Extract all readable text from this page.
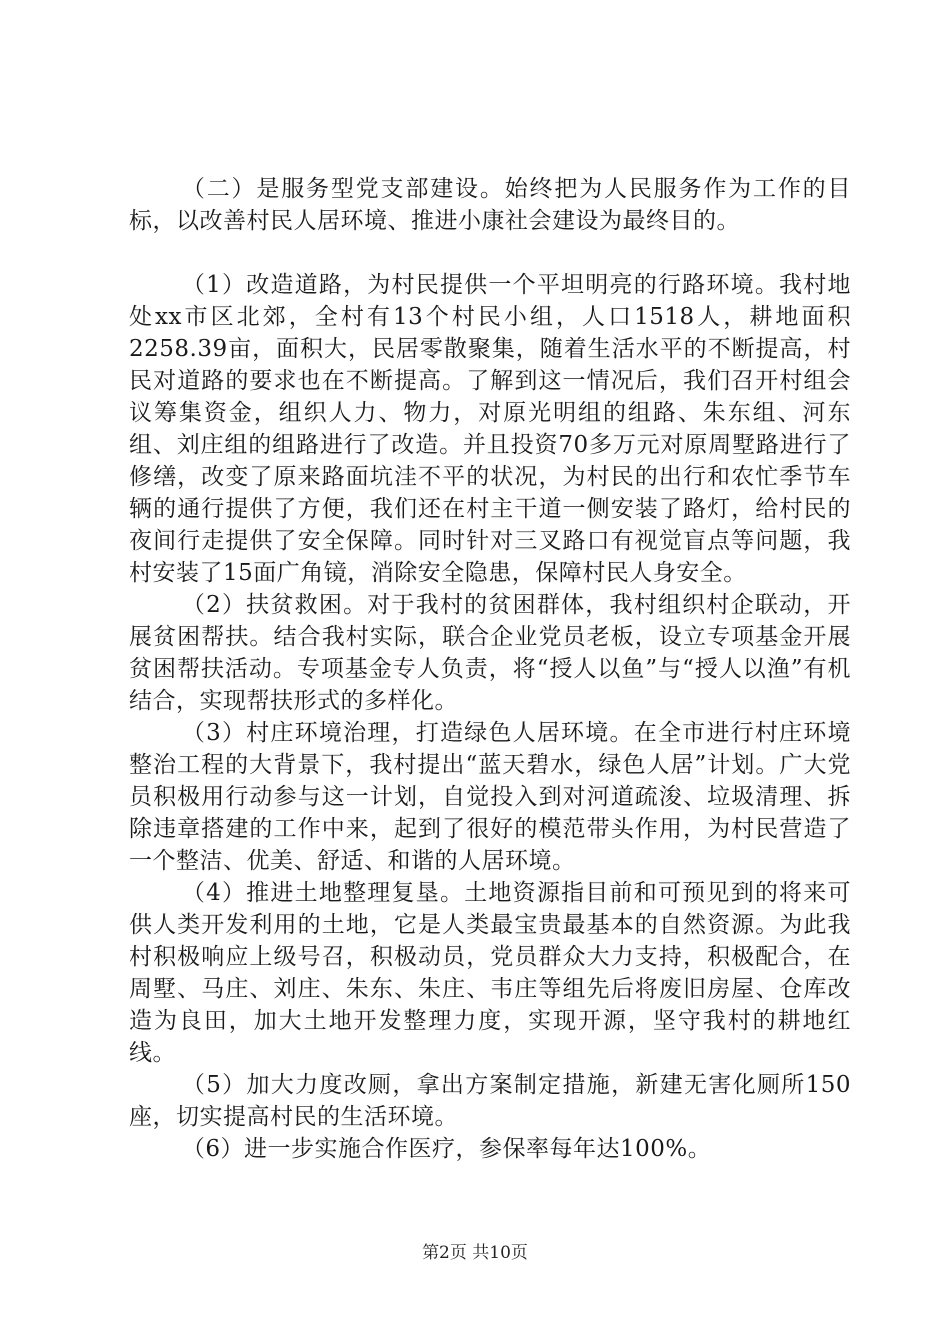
（二）是服务型党支部建设。始终把为人民服务作为工作的目标，以改善村民人居环境、推进小康社会建设为最终目的。

（1）改造道路，为村民提供一个平坦明亮的行路环境。我村地处xx市区北郊，全村有13个村民小组，人口1518人，耕地面积2258.39亩，面积大，民居零散聚集，随着生活水平的不断提高，村民对道路的要求也在不断提高。了解到这一情况后，我们召开村组会议筹集资金，组织人力、物力，对原光明组的组路、朱东组、河东组、刘庄组的组路进行了改造。并且投资70多万元对原周墅路进行了修缮，改变了原来路面坑洼不平的状况，为村民的出行和农忙季节车辆的通行提供了方便，我们还在村主干道一侧安装了路灯，给村民的夜间行走提供了安全保障。同时针对三叉路口有视觉盲点等问题，我村安装了15面广角镜，消除安全隐患，保障村民人身安全。

（2）扶贫救困。对于我村的贫困群体，我村组织村企联动，开展贫困帮扶。结合我村实际，联合企业党员老板，设立专项基金开展贫困帮扶活动。专项基金专人负责，将“授人以鱼”与“授人以渔”有机结合，实现帮扶形式的多样化。

（3）村庄环境治理，打造绿色人居环境。在全市进行村庄环境整治工程的大背景下，我村提出“蓝天碧水，绿色人居”计划。广大党员积极用行动参与这一计划，自觉投入到对河道疏浚、垃圾清理、拆除违章搭建的工作中来，起到了很好的模范带头作用，为村民营造了一个整洁、优美、舒适、和谐的人居环境。

（4）推进土地整理复垦。土地资源指目前和可预见到的将来可供人类开发利用的土地，它是人类最宝贵最基本的自然资源。为此我村积极响应上级号召，积极动员，党员群众大力支持，积极配合，在周墅、马庄、刘庄、朱东、朱庄、韦庄等组先后将废旧房屋、仓库改造为良田，加大土地开发整理力度，实现开源，坚守我村的耕地红线。

（5）加大力度改厕，拿出方案制定措施，新建无害化厕所150座，切实提高村民的生活环境。

（6）进一步实施合作医疗，参保率每年达100%。

第2页 共10页
